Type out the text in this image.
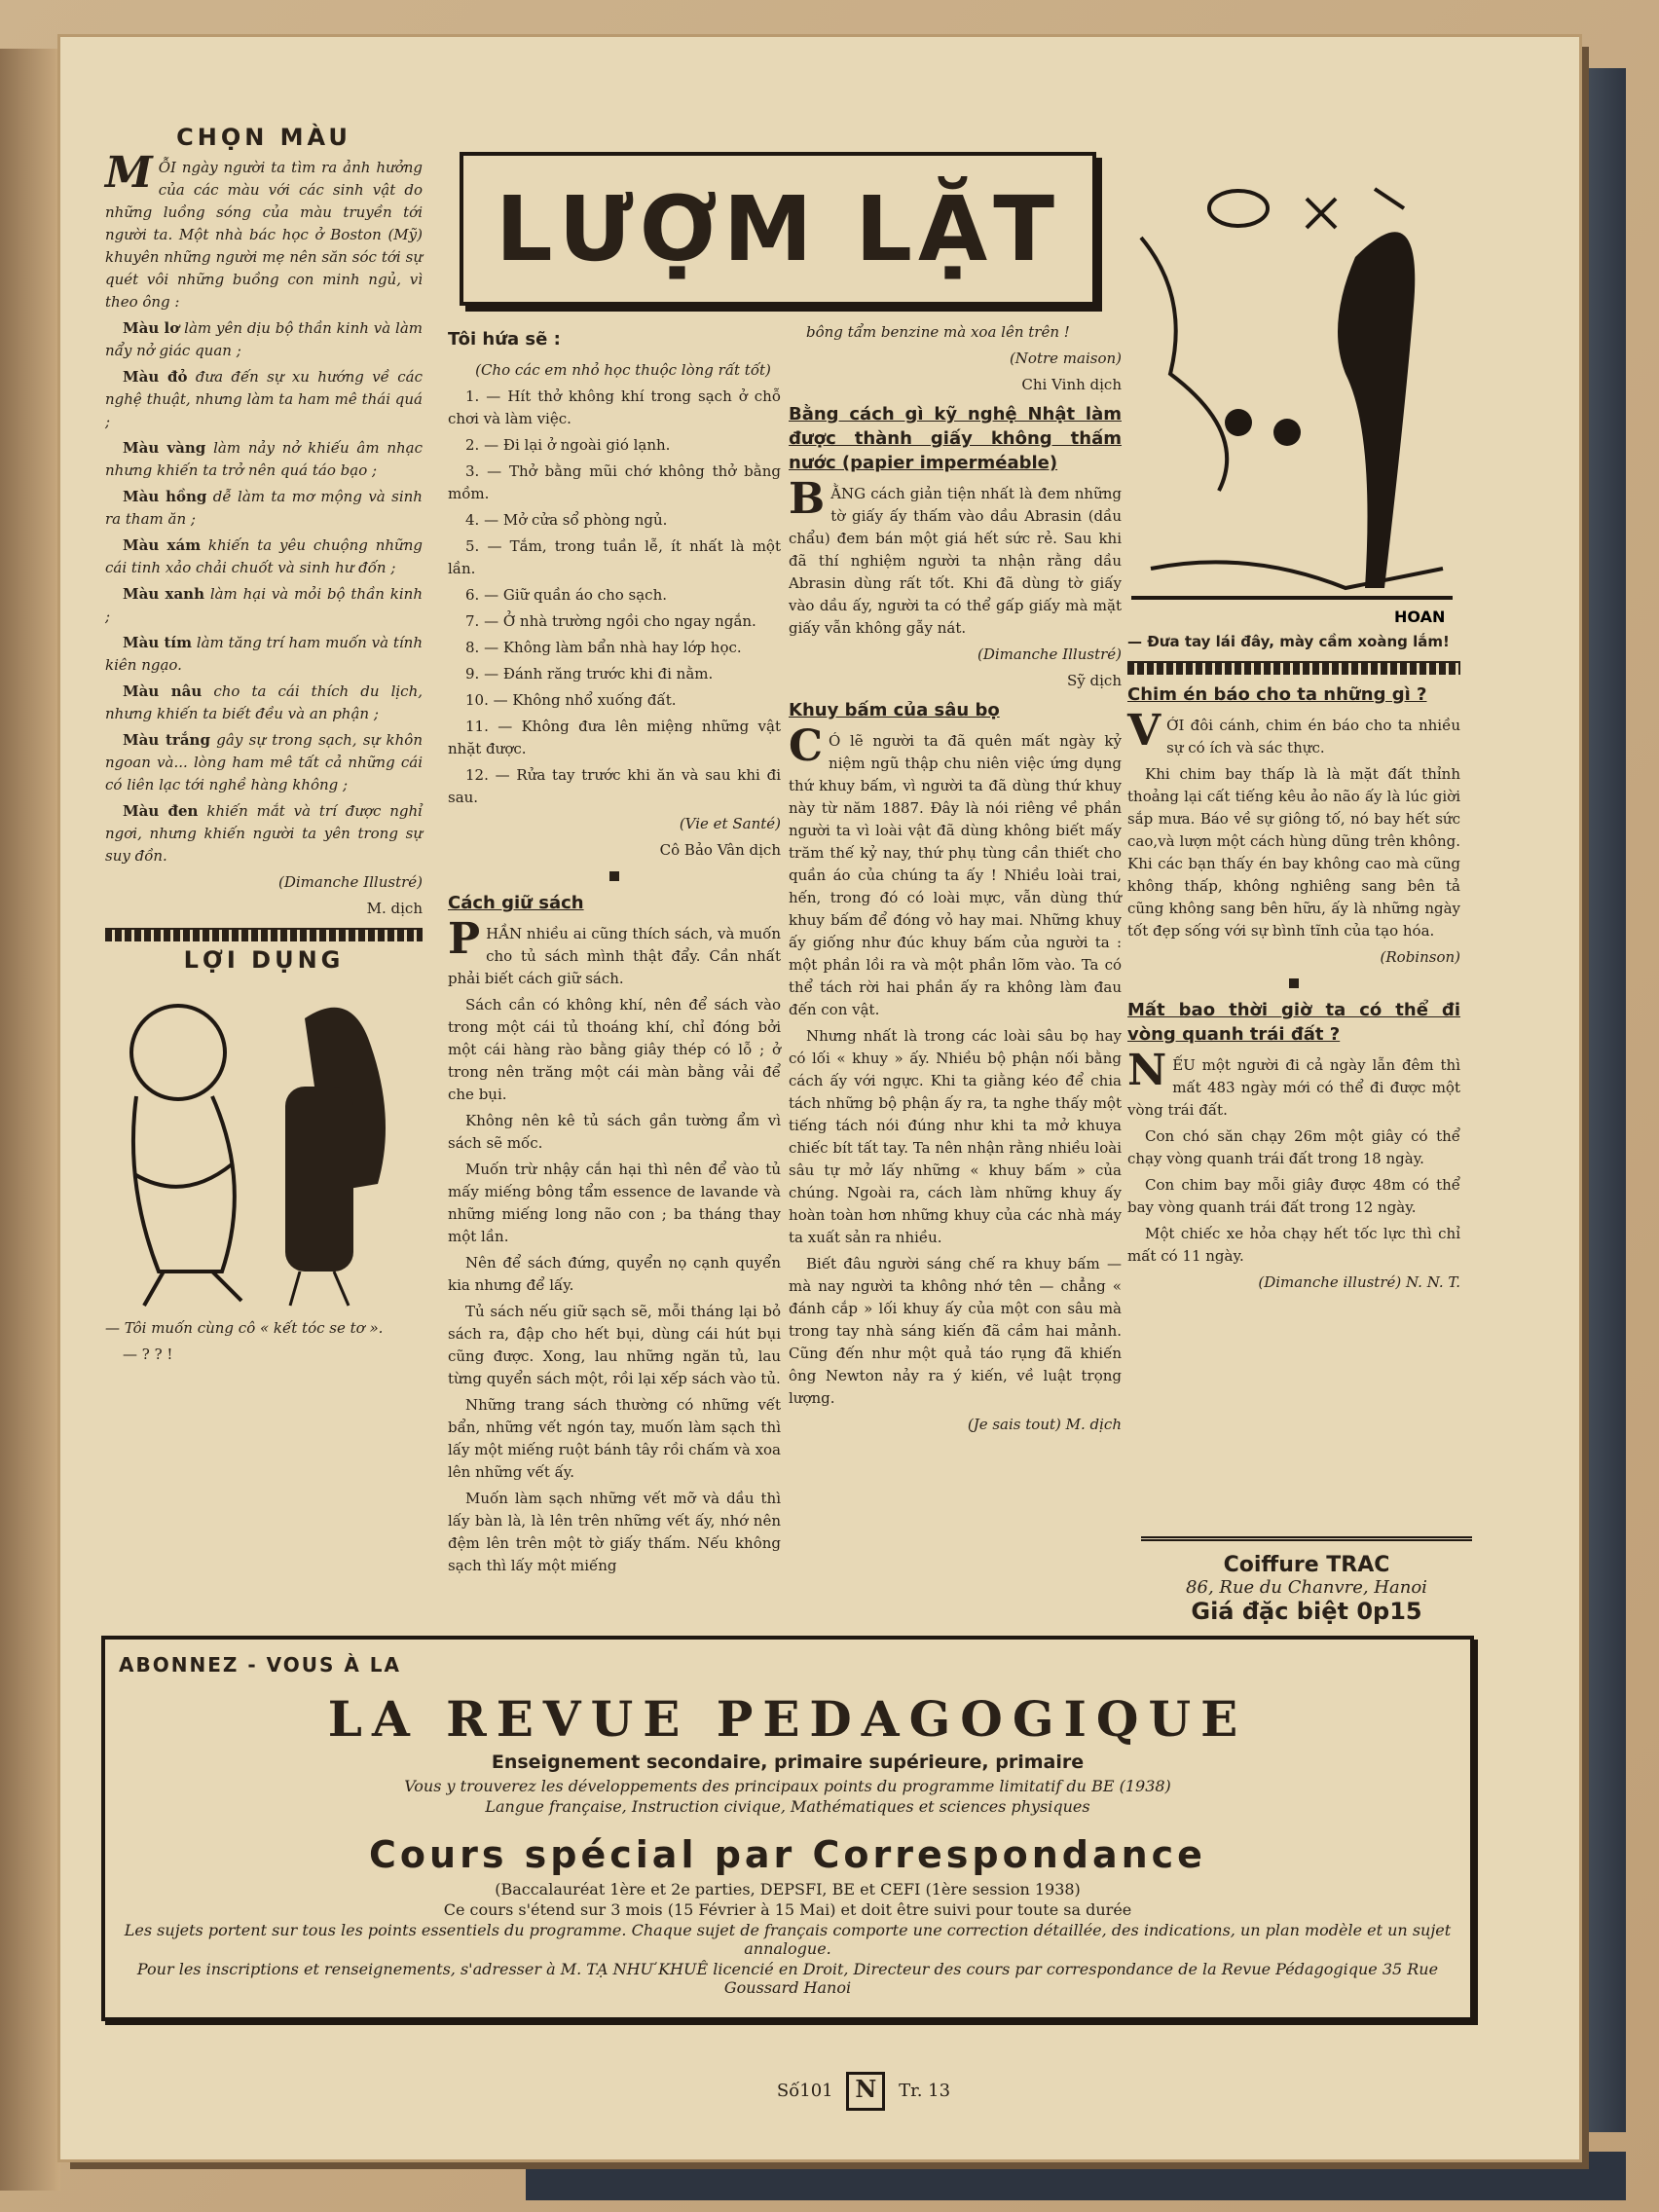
LƯỢM LẶT
CHỌN MÀU

MỖI ngày người ta tìm ra ảnh hưởng của các màu với các sinh vật do những luồng sóng của màu truyền tới người ta. Một nhà bác học ở Boston (Mỹ) khuyên những người mẹ nên săn sóc tới sự quét vôi những buồng con minh ngủ, vì theo ông :

Màu lơ làm yên dịu bộ thần kinh và làm nẩy nở giác quan ;

Màu đỏ đưa đến sự xu hướng về các nghệ thuật, nhưng làm ta ham mê thái quá ;

Màu vàng làm nảy nở khiếu âm nhạc nhưng khiến ta trở nên quá táo bạo ;

Màu hồng dễ làm ta mơ mộng và sinh ra tham ăn ;

Màu xám khiến ta yêu chuộng những cái tinh xảo chải chuốt và sinh hư đốn ;

Màu xanh làm hại và mỏi bộ thần kinh ;

Màu tím làm tăng trí ham muốn và tính kiên ngạo.

Màu nâu cho ta cái thích du lịch, nhưng khiến ta biết đều và an phận ;

Màu trắng gây sự trong sạch, sự khôn ngoan và... lòng ham mê tất cả những cái có liên lạc tới nghề hàng không ;

Màu đen khiến mắt và trí được nghỉ ngơi, nhưng khiến người ta yên trong sự suy đồn.

(Dimanche Illustré)

M. dịch

LỢI DỤNG

— Tôi muốn cùng cô « kết tóc se tơ ».

— ? ? !

Tôi hứa sẽ :

(Cho các em nhỏ học thuộc lòng rất tốt)

1. — Hít thở không khí trong sạch ở chỗ chơi và làm việc.

2. — Đi lại ở ngoài gió lạnh.

3. — Thở bằng mũi chớ không thở bằng mồm.

4. — Mở cửa sổ phòng ngủ.

5. — Tắm, trong tuần lễ, ít nhất là một lần.

6. — Giữ quần áo cho sạch.

7. — Ở nhà trường ngồi cho ngay ngắn.

8. — Không làm bẩn nhà hay lớp học.

9. — Đánh răng trước khi đi nằm.

10. — Không nhổ xuống đất.

11. — Không đưa lên miệng những vật nhặt được.

12. — Rửa tay trước khi ăn và sau khi đi sau.

(Vie et Santé)

Cô Bảo Vân dịch

Cách giữ sách

PHẦN nhiều ai cũng thích sách, và muốn cho tủ sách mình thật đẩy. Cần nhất phải biết cách giữ sách.

Sách cần có không khí, nên để sách vào trong một cái tủ thoáng khí, chỉ đóng bởi một cái hàng rào bằng giây thép có lỗ ; ở trong nên trăng một cái màn bằng vải để che bụi.

Không nên kê tủ sách gần tường ẩm vì sách sẽ mốc.

Muốn trừ nhậy cắn hại thì nên để vào tủ mấy miếng bông tẩm essence de lavande và những miếng long não con ; ba tháng thay một lần.

Nên để sách đứng, quyển nọ cạnh quyển kia nhưng để lấy.

Tủ sách nếu giữ sạch sẽ, mỗi tháng lại bỏ sách ra, đập cho hết bụi, dùng cái hút bụi cũng được. Xong, lau những ngăn tủ, lau từng quyển sách một, rồi lại xếp sách vào tủ.

Những trang sách thường có những vết bẩn, những vết ngón tay, muốn làm sạch thì lấy một miếng ruột bánh tây rồi chấm và xoa lên những vết ấy.

Muốn làm sạch những vết mỡ và dầu thì lấy bàn là, là lên trên những vết ấy, nhớ nên đệm lên trên một tờ giấy thấm. Nếu không sạch thì lấy một miếng

bông tẩm benzine mà xoa lên trên !

(Notre maison)

Chi Vinh dịch

Bằng cách gì kỹ nghệ Nhật làm được thành giấy không thấm nước (papier imperméable)

BẰNG cách giản tiện nhất là đem những tờ giấy ấy thấm vào dầu Abrasin (dầu chẩu) đem bán một giá hết sức rẻ. Sau khi đã thí nghiệm người ta nhận rằng dầu Abrasin dùng rất tốt. Khi đã dùng tờ giấy vào dầu ấy, người ta có thể gấp giấy mà mặt giấy vẫn không gẫy nát.

(Dimanche Illustré)

Sỹ dịch

Khuy bấm của sâu bọ

C Ó lẽ người ta đã quên mất ngày kỷ niệm ngũ thập chu niên việc ứng dụng thứ khuy bấm, vì người ta đã dùng thứ khuy này từ năm 1887. Đây là nói riêng về phần người ta vì loài vật đã dùng không biết mấy trăm thế kỷ nay, thứ phụ tùng cần thiết cho quần áo của chúng ta ấy ! Nhiều loài trai, hến, trong đó có loài mực, vẫn dùng thứ khuy bấm để đóng vỏ hay mai. Những khuy ấy giống như đúc khuy bấm của người ta : một phần lồi ra và một phần lõm vào. Ta có thể tách rời hai phần ấy ra không làm đau đến con vật.

Nhưng nhất là trong các loài sâu bọ hay có lối « khuy » ấy. Nhiều bộ phận nối bằng cách ấy với ngực. Khi ta giằng kéo để chia tách những bộ phận ấy ra, ta nghe thấy một tiếng tách nói đúng như khi ta mở khuya chiếc bít tất tay. Ta nên nhận rằng nhiều loài sâu tự mở lấy những « khuy bấm » của chúng. Ngoài ra, cách làm những khuy ấy hoàn toàn hơn những khuy của các nhà máy ta xuất sản ra nhiều.

Biết đâu người sáng chế ra khuy bấm — mà nay người ta không nhớ tên — chẳng « đánh cắp » lối khuy ấy của một con sâu mà trong tay nhà sáng kiến đã cầm hai mảnh. Cũng đến như một quả táo rụng đã khiến ông Newton nảy ra ý kiến, về luật trọng lượng.

(Je sais tout) M. dịch

HOAN

— Đưa tay lái đây, mày cầm xoàng lắm!

Chim én báo cho ta những gì ?

VỚI đôi cánh, chim én báo cho ta nhiều sự có ích và sác thực.

Khi chim bay thấp là là mặt đất thỉnh thoảng lại cất tiếng kêu ảo não ấy là lúc giời sắp mưa. Báo về sự giông tố, nó bay hết sức cao,và lượn một cách hùng dũng trên không. Khi các bạn thấy én bay không cao mà cũng không thấp, không nghiêng sang bên tả cũng không sang bên hữu, ấy là những ngày tốt đẹp sống với sự bình tĩnh của tạo hóa.

(Robinson)

Mất bao thời giờ ta có thể đi vòng quanh trái đất ?

NẾU một người đi cả ngày lẫn đêm thì mất 483 ngày mới có thể đi được một vòng trái đất.

Con chó săn chạy 26m một giây có thể chạy vòng quanh trái đất trong 18 ngày.

Con chim bay mỗi giây được 48m có thể bay vòng quanh trái đất trong 12 ngày.

Một chiếc xe hỏa chạy hết tốc lực thì chỉ mất có 11 ngày.

(Dimanche illustré) N. N. T.

Coiffure TRAC
86, Rue du Chanvre, Hanoi
Giá đặc biệt 0p15
ABONNEZ - VOUS À LA
LA REVUE PEDAGOGIQUE
Enseignement secondaire, primaire supérieure, primaire
Vous y trouverez les développements des principaux points du programme limitatif du BE (1938)
Langue française, Instruction civique, Mathématiques et sciences physiques
Cours spécial par Correspondance
(Baccalauréat 1ère et 2e parties, DEPSFI, BE et CEFI (1ère session 1938)
Ce cours s'étend sur 3 mois (15 Février à 15 Mai) et doit être suivi pour toute sa durée
Les sujets portent sur tous les points essentiels du programme. Chaque sujet de français comporte une correction détaillée, des indications, un plan modèle et un sujet annalogue.
Pour les inscriptions et renseignements, s'adresser à M. TẠ NHƯ KHUÊ licencié en Droit, Directeur des cours par correspondance de la Revue Pédagogique 35 Rue Goussard Hanoi
Số101 N	Tr. 13
